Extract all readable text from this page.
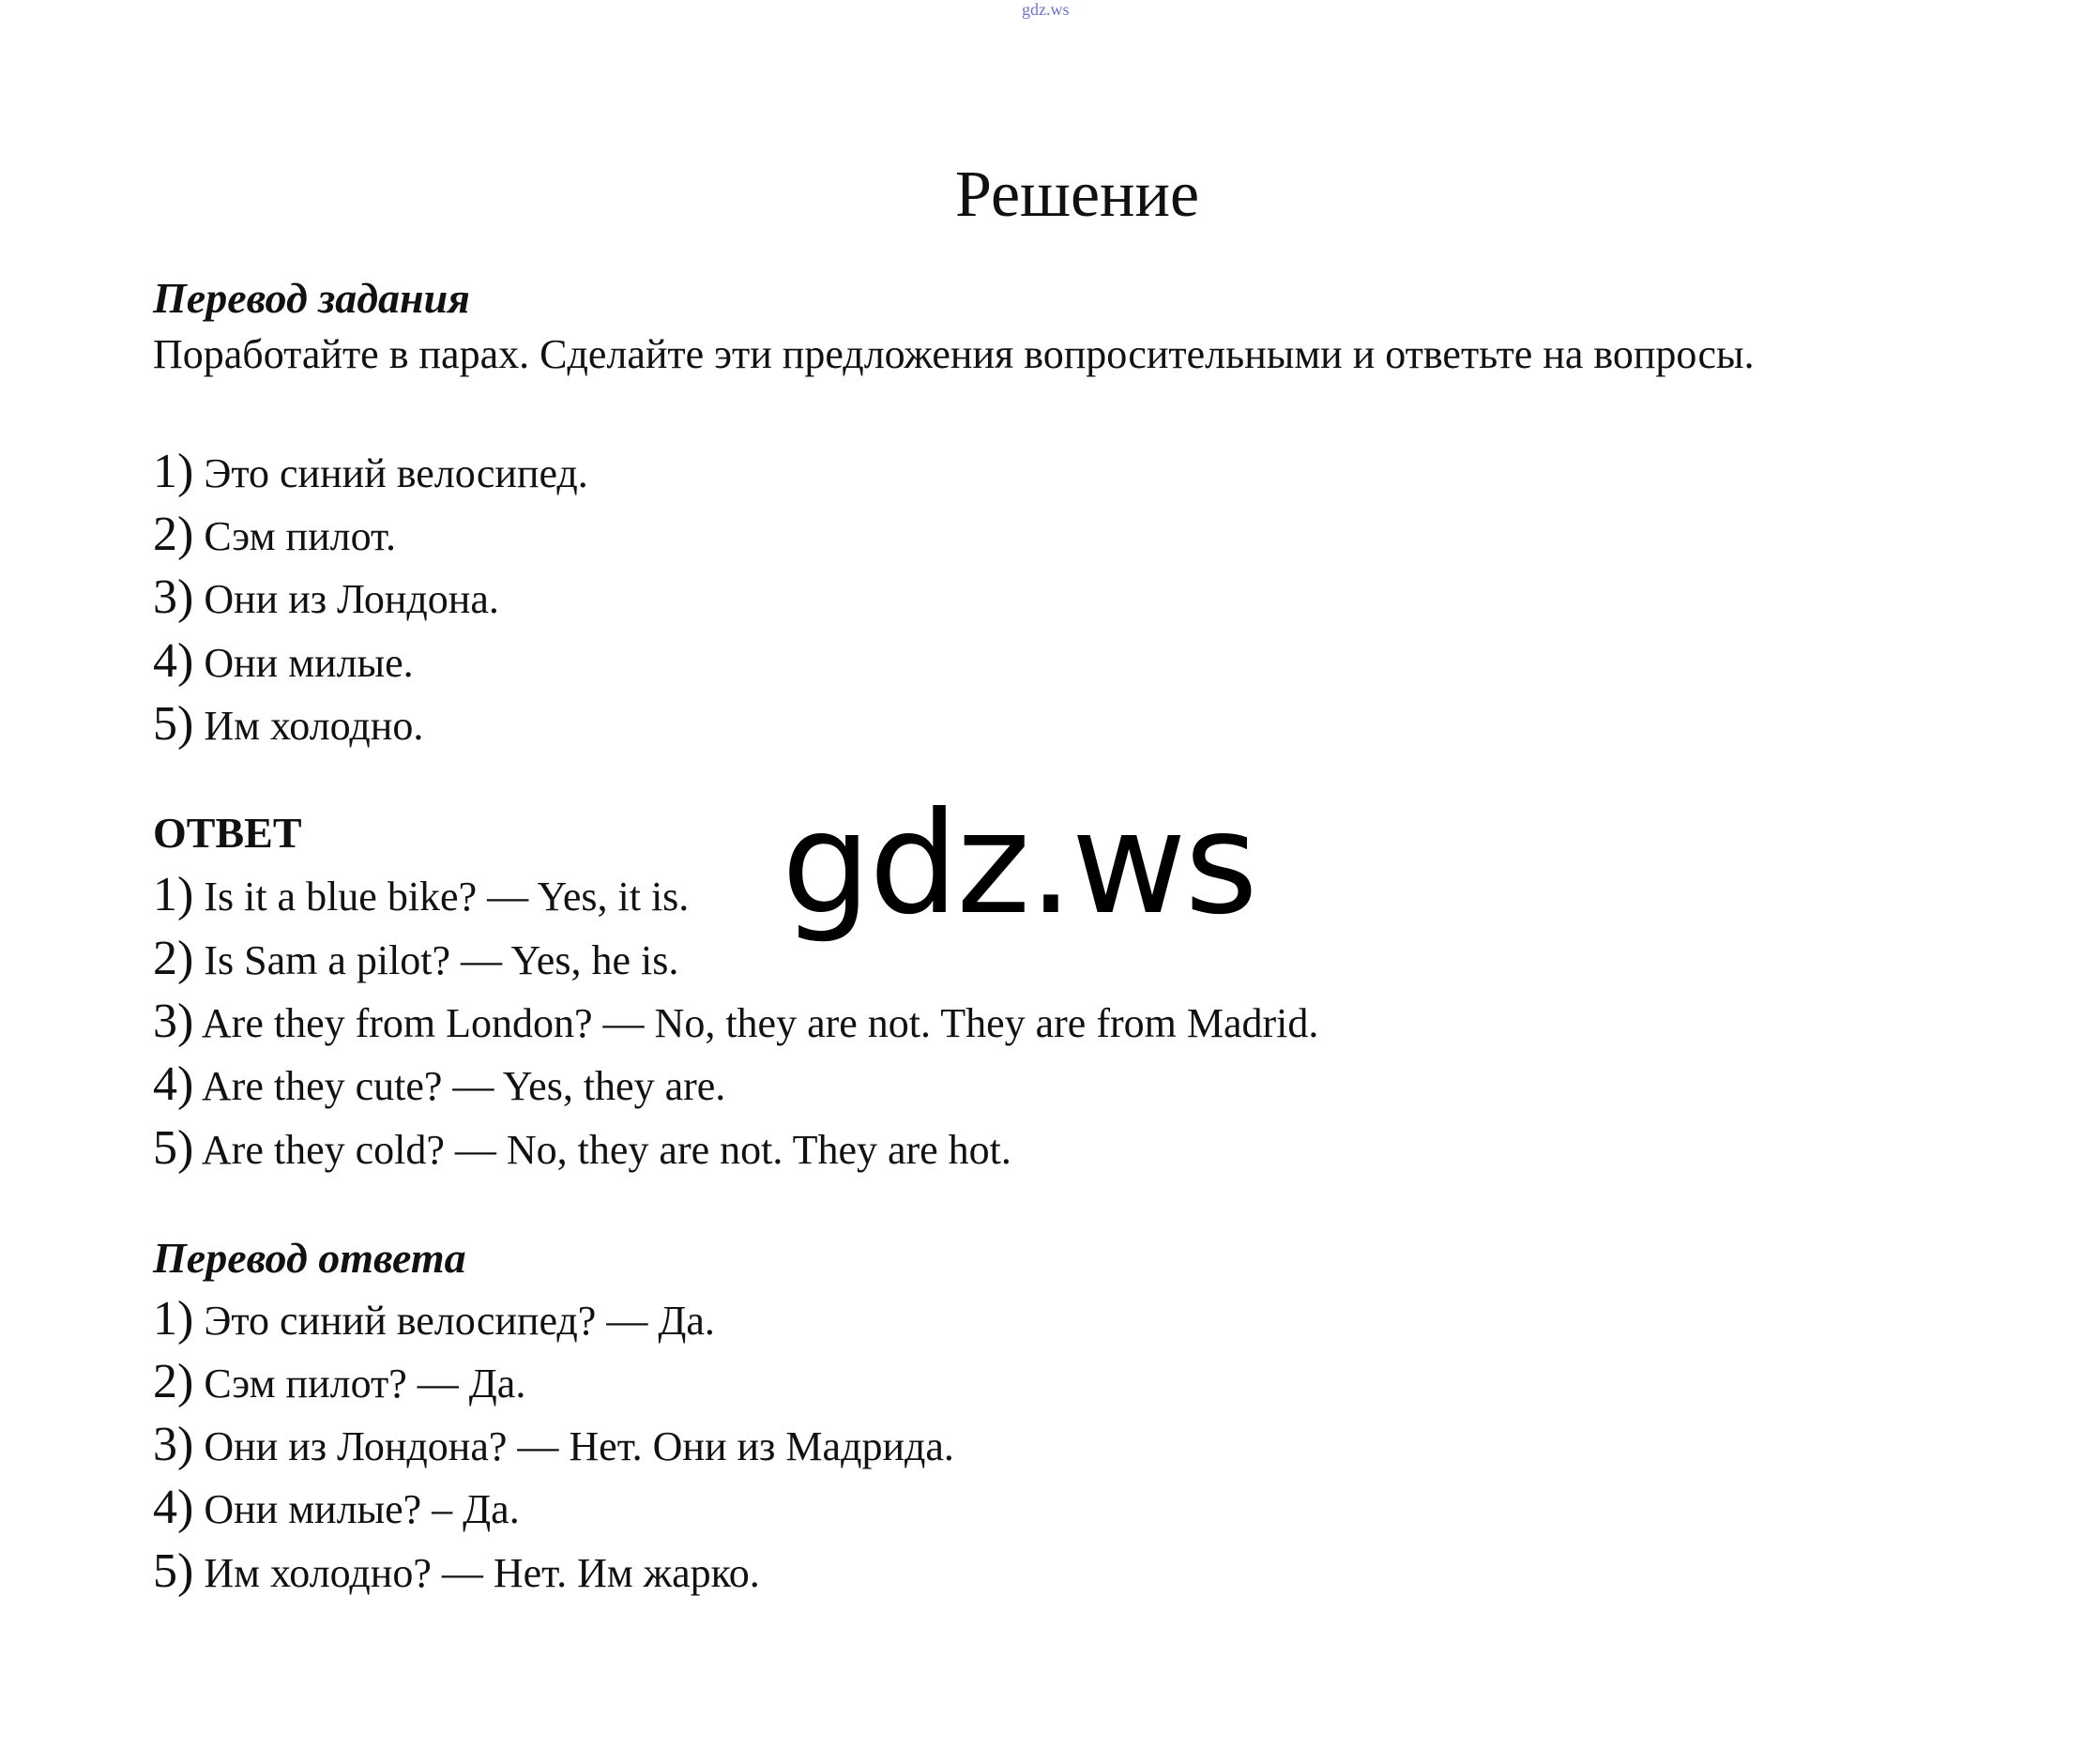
gdz.ws
Решение
Перевод задания

Поработайте в парах. Сделайте эти предложения вопросительными и ответьте на вопросы.

1) Это синий велосипед.
2) Сэм пилот.
3) Они из Лондона.
4) Они милые.
5) Им холодно.
ОТВЕТ
1) Is it a blue bike? — Yes, it is.
2) Is Sam a pilot? — Yes, he is.
3) Are they from London? — No, they are not. They are from Madrid.
4) Are they cute? — Yes, they are.
5) Are they cold? — No, they are not. They are hot.
Перевод ответа
1) Это синий велосипед? — Да.
2) Сэм пилот? — Да.
3) Они из Лондона? — Нет. Они из Мадрида.
4) Они милые? – Да.
5) Им холодно? — Нет. Им жарко.
gdz.ws
